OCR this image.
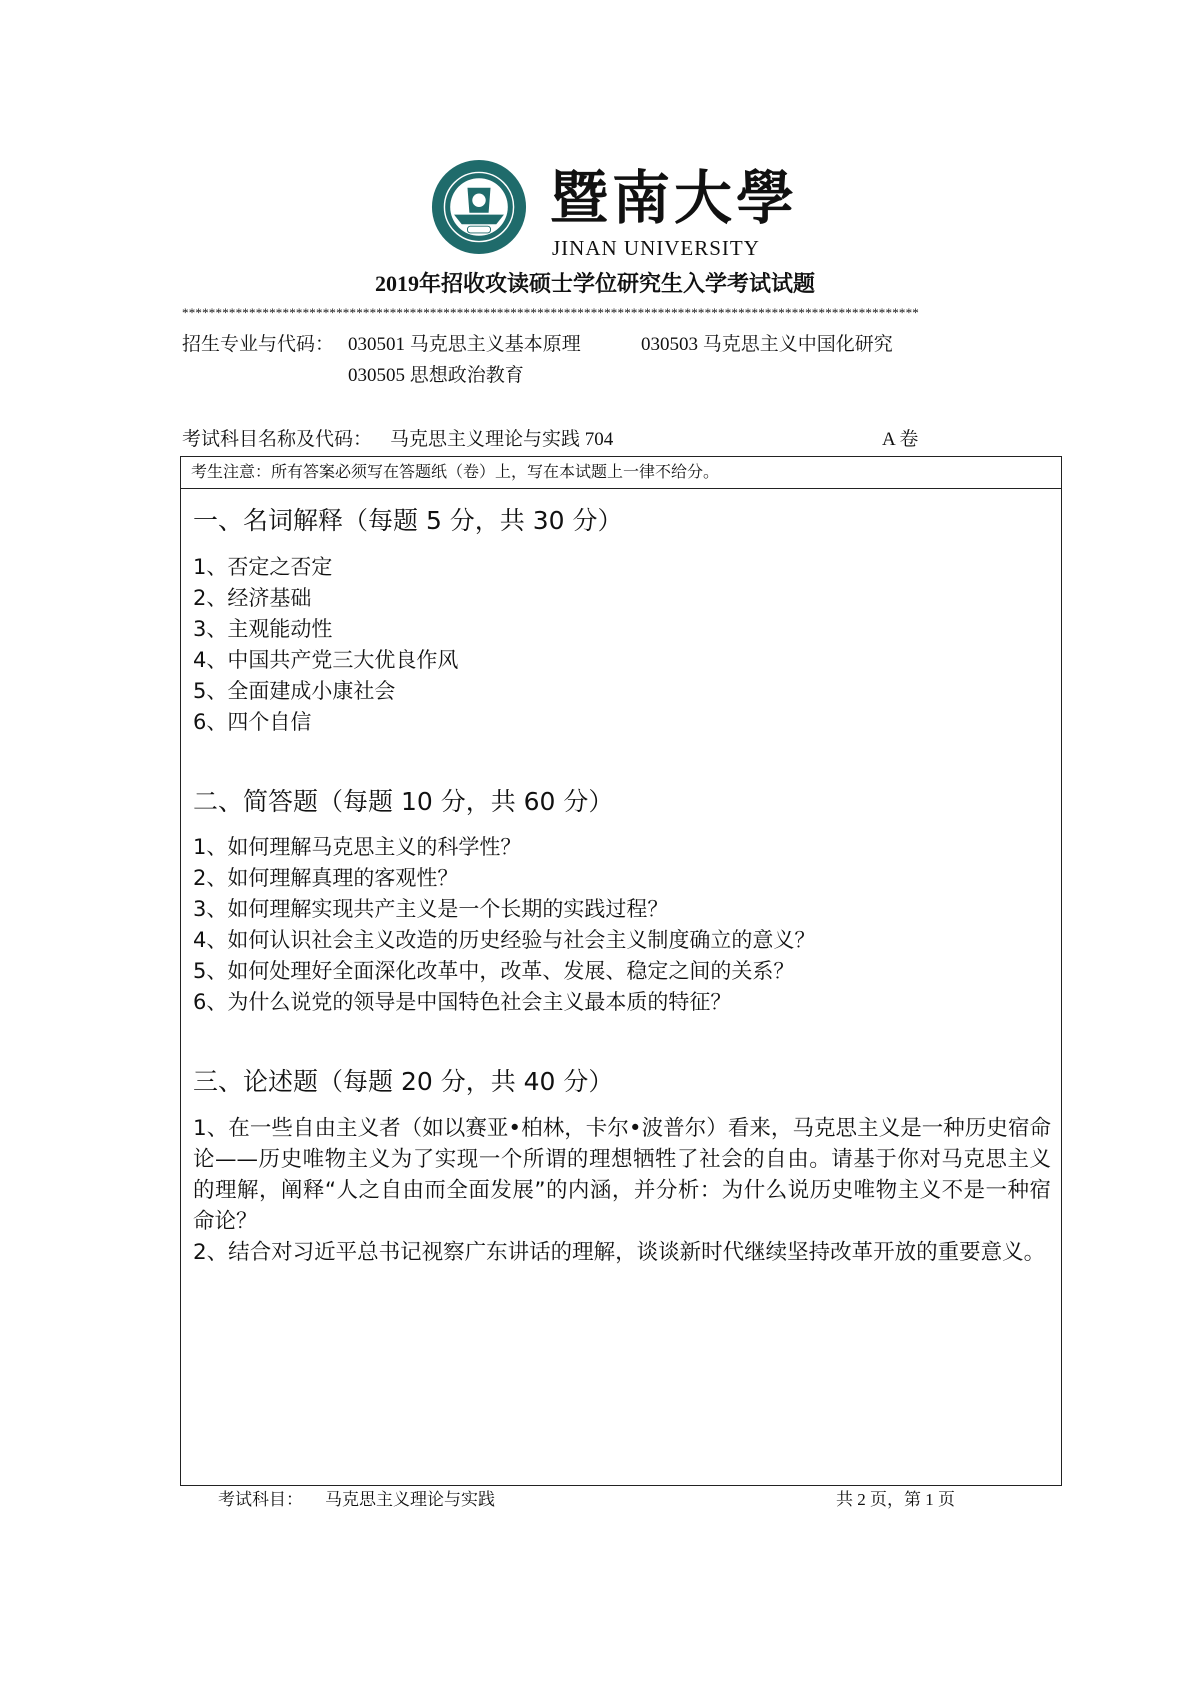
暨南大學
JINAN UNIVERSITY
2019年招收攻读硕士学位研究生入学考试试题
**************************************************************************************************************
招生专业与代码： 030501 马克思主义基本原理	030503 马克思主义中国化研究
030505 思想政治教育
考试科目名称及代码： 马克思主义理论与实践 704	A 卷
考生注意：所有答案必须写在答题纸（卷）上，写在本试题上一律不给分。
一、名词解释（每题 5 分，共 30 分）
1、否定之否定
2、经济基础
3、主观能动性
4、中国共产党三大优良作风
5、全面建成小康社会
6、四个自信
二、简答题（每题 10 分，共 60 分）
1、如何理解马克思主义的科学性？
2、如何理解真理的客观性？
3、如何理解实现共产主义是一个长期的实践过程？
4、如何认识社会主义改造的历史经验与社会主义制度确立的意义？
5、如何处理好全面深化改革中，改革、发展、稳定之间的关系？
6、为什么说党的领导是中国特色社会主义最本质的特征？
三、论述题（每题 20 分，共 40 分）
1、在一些自由主义者（如以赛亚•柏林，卡尔•波普尔）看来，马克思主义是一种历史宿命论——历史唯物主义为了实现一个所谓的理想牺牲了社会的自由。请基于你对马克思主义的理解，阐释“人之自由而全面发展”的内涵，并分析：为什么说历史唯物主义不是一种宿命论？
2、结合对习近平总书记视察广东讲话的理解，谈谈新时代继续坚持改革开放的重要意义。
考试科目： 马克思主义理论与实践	共 2 页，第 1 页
